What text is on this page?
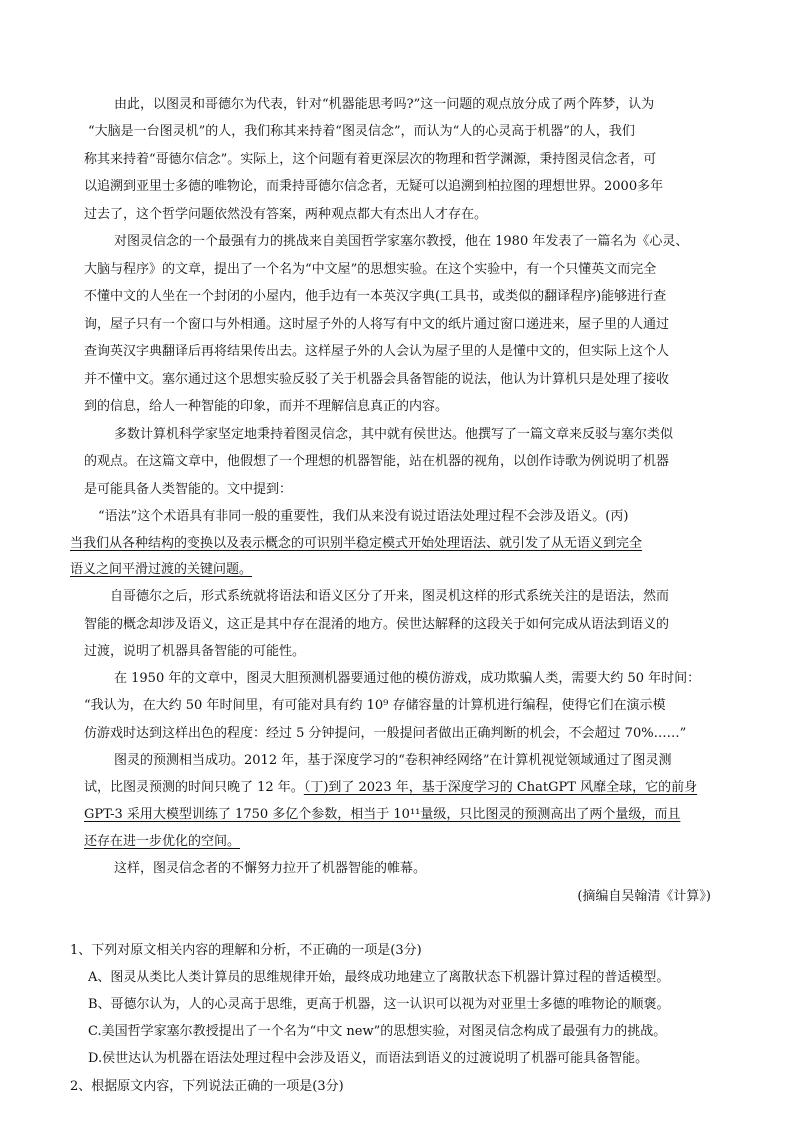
由此，以图灵和哥德尔为代表，针对“机器能思考吗?”这一问题的观点放分成了两个阵梦，认为
“大脑是一台图灵机”的人，我们称其来持着“图灵信念”，而认为“人的心灵高于机器”的人，我们
称其来持着“哥德尔信念”。实际上，这个问题有着更深层次的物理和哲学渊源，秉持图灵信念者，可
以追溯到亚里士多德的唯物论，而秉持哥德尔信念者，无疑可以追溯到柏拉图的理想世界。2000多年
过去了，这个哲学问题依然没有答案，两种观点都大有杰出人才存在。
对图灵信念的一个最强有力的挑战来自美国哲学家塞尔教授，他在 1980 年发表了一篇名为《心灵、
大脑与程序》的文章，提出了一个名为“中文屋”的思想实验。在这个实验中，有一个只懂英文而完全
不懂中文的人坐在一个封闭的小屋内，他手边有一本英汉字典(工具书，或类似的翻译程序)能够进行查
询，屋子只有一个窗口与外相通。这时屋子外的人将写有中文的纸片通过窗口递进来，屋子里的人通过
查询英汉字典翻译后再将结果传出去。这样屋子外的人会认为屋子里的人是懂中文的，但实际上这个人
并不懂中文。塞尔通过这个思想实验反驳了关于机器会具备智能的说法，他认为计算机只是处理了接收
到的信息，给人一种智能的印象，而并不理解信息真正的内容。
多数计算机科学家坚定地秉持着图灵信念，其中就有侯世达。他撰写了一篇文章来反驳与塞尔类似
的观点。在这篇文章中，他假想了一个理想的机器智能，站在机器的视角，以创作诗歌为例说明了机器
是可能具备人类智能的。文中提到：
“语法”这个术语具有非同一般的重要性，我们从来没有说过语法处理过程不会涉及语义。(丙)
当我们从各种结构的变换以及表示概念的可识别半稳定模式开始处理语法、就引发了从无语义到完全
语义之间平滑过渡的关键问题。
自哥德尔之后，形式系统就将语法和语义区分了开来，图灵机这样的形式系统关注的是语法，然而
智能的概念却涉及语义，这正是其中存在混淆的地方。侯世达解释的这段关于如何完成从语法到语义的
过渡，说明了机器具备智能的可能性。
在 1950 年的文章中，图灵大胆预测机器要通过他的模仿游戏，成功欺骗人类，需要大约 50 年时间：
“我认为，在大约 50 年时间里，有可能对具有约 10⁹ 存储容量的计算机进行编程，使得它们在演示模
仿游戏时达到这样出色的程度：经过 5 分钟提问，一般提问者做出正确判断的机会，不会超过 70%……”
图灵的预测相当成功。2012 年，基于深度学习的“卷积神经网络”在计算机视觉领域通过了图灵测
试，比图灵预测的时间只晚了 12 年。（丁)到了 2023 年，基于深度学习的 ChatGPT 风靡全球，它的前身
GPT-3 采用大模型训练了 1750 多亿个参数，相当于 10¹¹量级，只比图灵的预测高出了两个量级，而且
还存在进一步优化的空间。
这样，图灵信念者的不懈努力拉开了机器智能的帷幕。
(摘编自吴翰清《计算》)
1、下列对原文相关内容的理解和分析，不正确的一项是(3分)
A、图灵从类比人类计算员的思维规律开始，最终成功地建立了离散状态下机器计算过程的普适模型。
B、哥德尔认为，人的心灵高于思维，更高于机器，这一认识可以视为对亚里士多德的唯物论的顺褒。
C.美国哲学家塞尔教授提出了一个名为“中文 new”的思想实验，对图灵信念构成了最强有力的挑战。
D.侯世达认为机器在语法处理过程中会涉及语义，而语法到语义的过渡说明了机器可能具备智能。
2、根据原文内容，下列说法正确的一项是(3分)
